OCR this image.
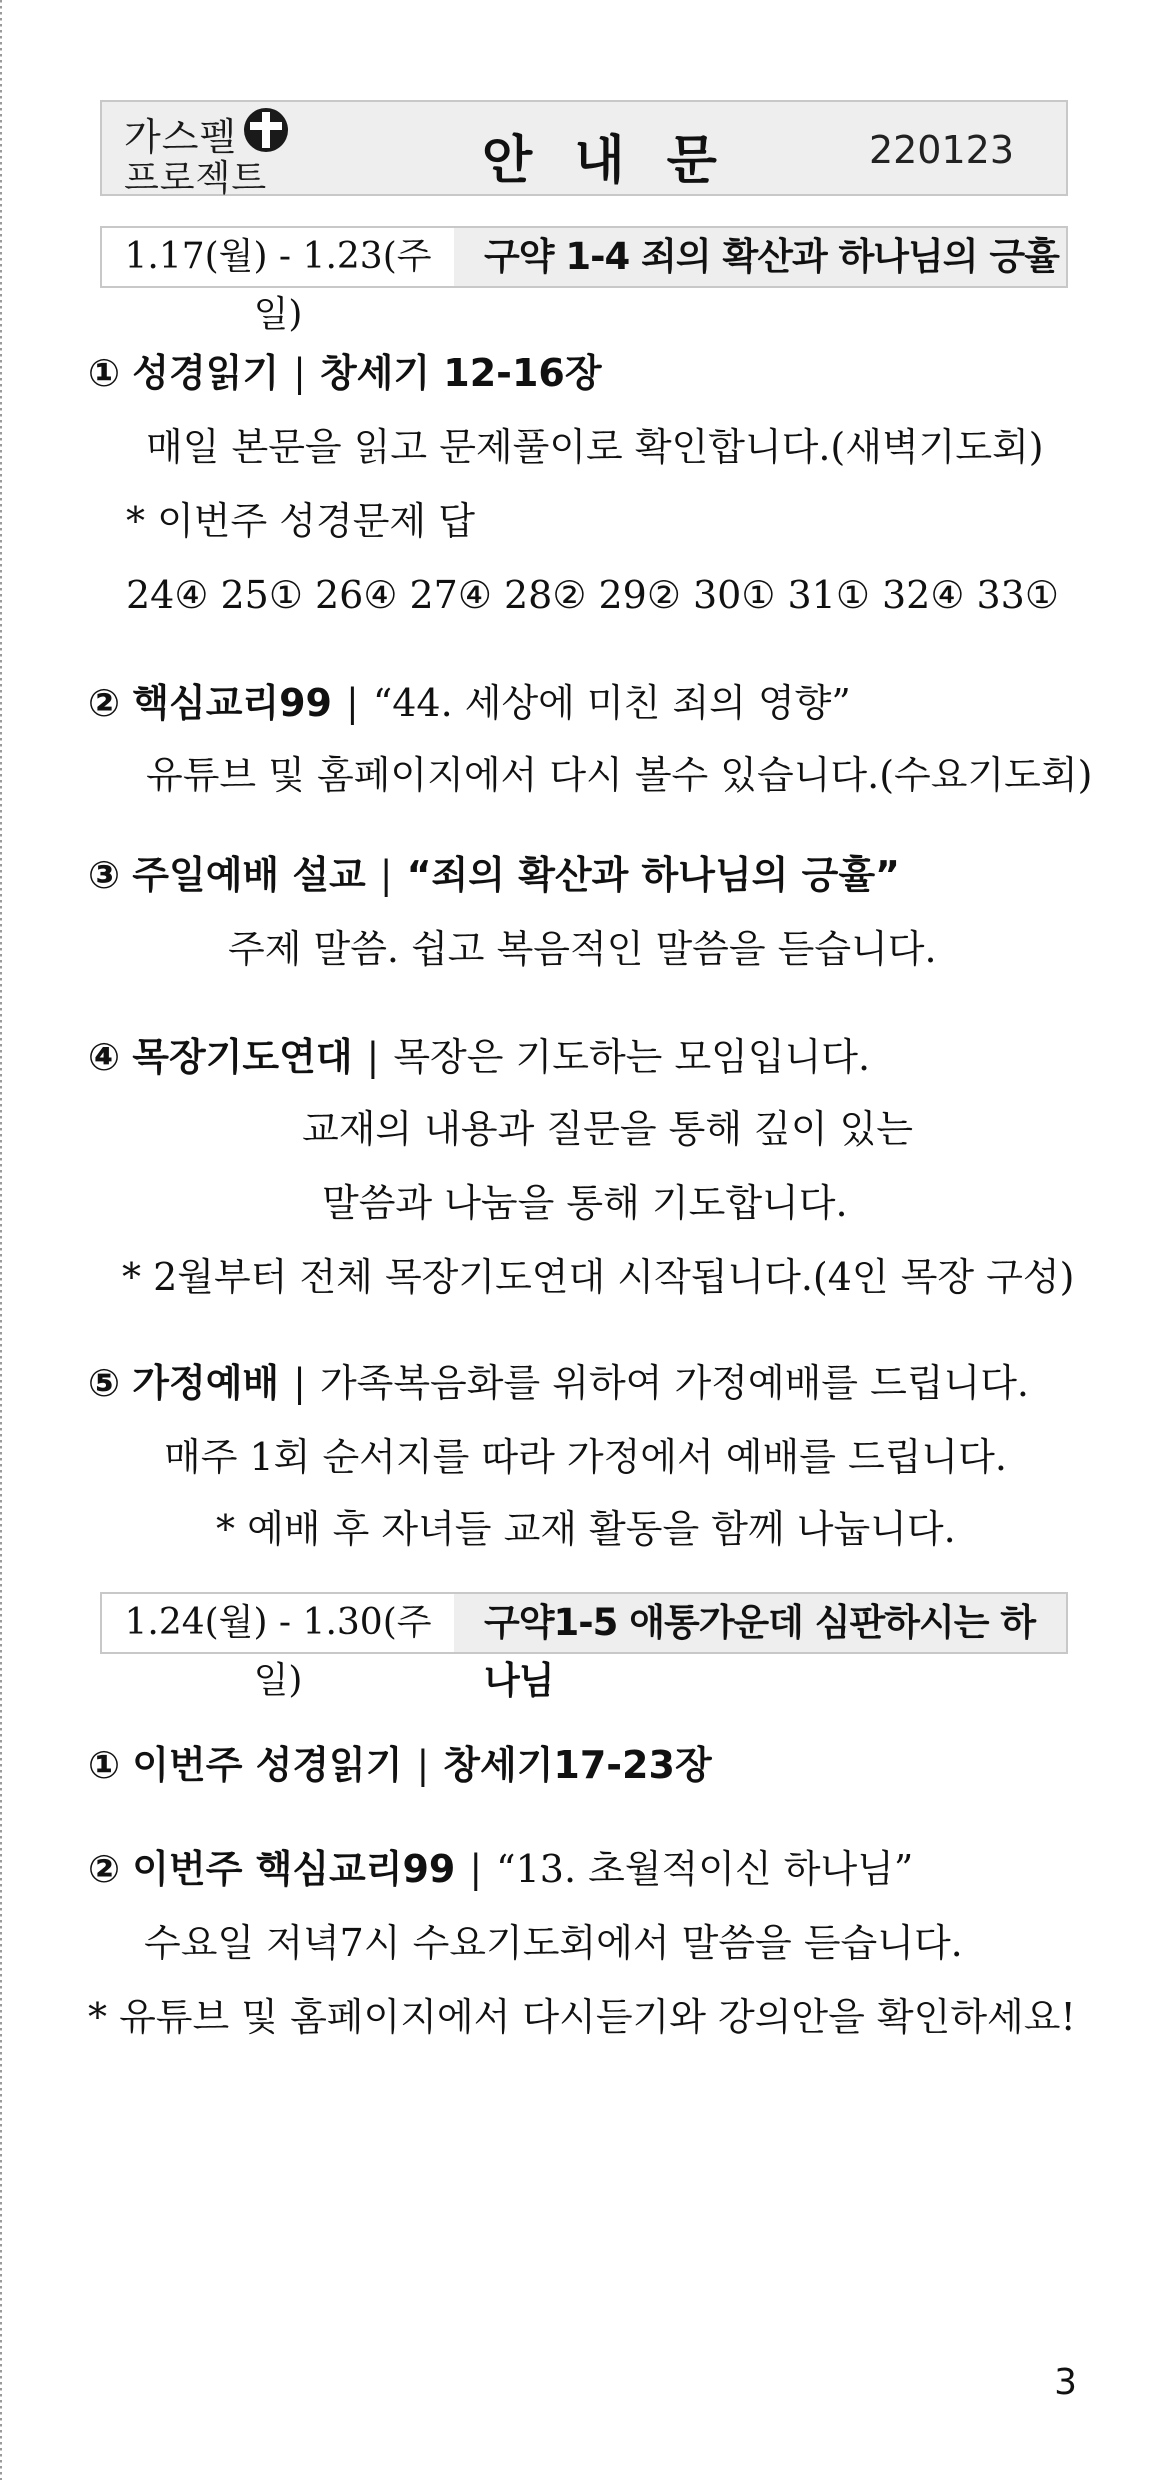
가스펠
프로젝트	안 내 문	220123
1.17(월) - 1.23(주일)
구약 1-4 죄의 확산과 하나님의 긍휼
① 성경읽기 | 창세기 12-16장
매일 본문을 읽고 문제풀이로 확인합니다.(새벽기도회)
* 이번주 성경문제 답
24④ 25① 26④ 27④ 28② 29② 30① 31① 32④ 33①
② 핵심교리99 | “44. 세상에 미친 죄의 영향”
유튜브 및 홈페이지에서 다시 볼수 있습니다.(수요기도회)
③ 주일예배 설교 | “죄의 확산과 하나님의 긍휼”
주제 말씀. 쉽고 복음적인 말씀을 듣습니다.
④ 목장기도연대 | 목장은 기도하는 모임입니다.
교재의 내용과 질문을 통해 깊이 있는
말씀과 나눔을 통해 기도합니다.
* 2월부터 전체 목장기도연대 시작됩니다.(4인 목장 구성)
⑤ 가정예배 | 가족복음화를 위하여 가정예배를 드립니다.
매주 1회 순서지를 따라 가정에서 예배를 드립니다.
* 예배 후 자녀들 교재 활동을 함께 나눕니다.
1.24(월) - 1.30(주일)
구약1-5 애통가운데 심판하시는 하나님
① 이번주 성경읽기 | 창세기17-23장
② 이번주 핵심교리99 | “13. 초월적이신 하나님”
수요일 저녁7시 수요기도회에서 말씀을 듣습니다.
* 유튜브 및 홈페이지에서 다시듣기와 강의안을 확인하세요!
3
